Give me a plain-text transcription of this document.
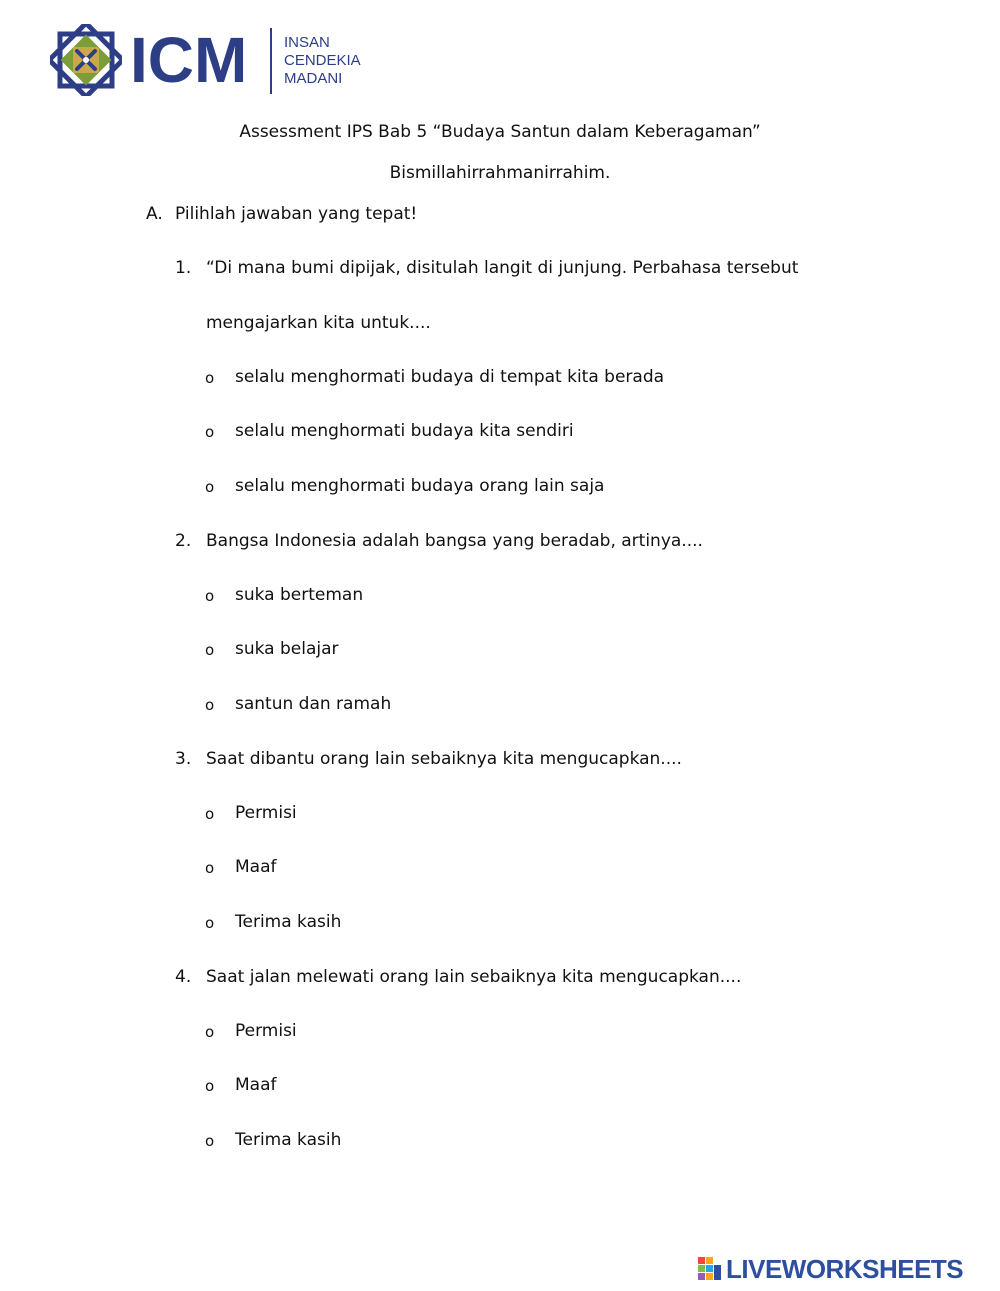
ICM INSAN
CENDEKIA
MADANI
Assessment IPS Bab 5 “Budaya Santun dalam Keberagaman”
Bismillahirrahmanirrahim.
A. Pilihlah jawaban yang tepat!
1. “Di mana bumi dipijak, disitulah langit di junjung. Perbahasa tersebut
mengajarkan kita untuk....
o selalu menghormati budaya di tempat kita berada
o selalu menghormati budaya kita sendiri
o selalu menghormati budaya orang lain saja
2. Bangsa Indonesia adalah bangsa yang beradab, artinya....
o suka berteman
o suka belajar
o santun dan ramah
3. Saat dibantu orang lain sebaiknya kita mengucapkan....
o Permisi
o Maaf
o Terima kasih
4. Saat jalan melewati orang lain sebaiknya kita mengucapkan....
o Permisi
o Maaf
o Terima kasih
LIVEWORKSHEETS
